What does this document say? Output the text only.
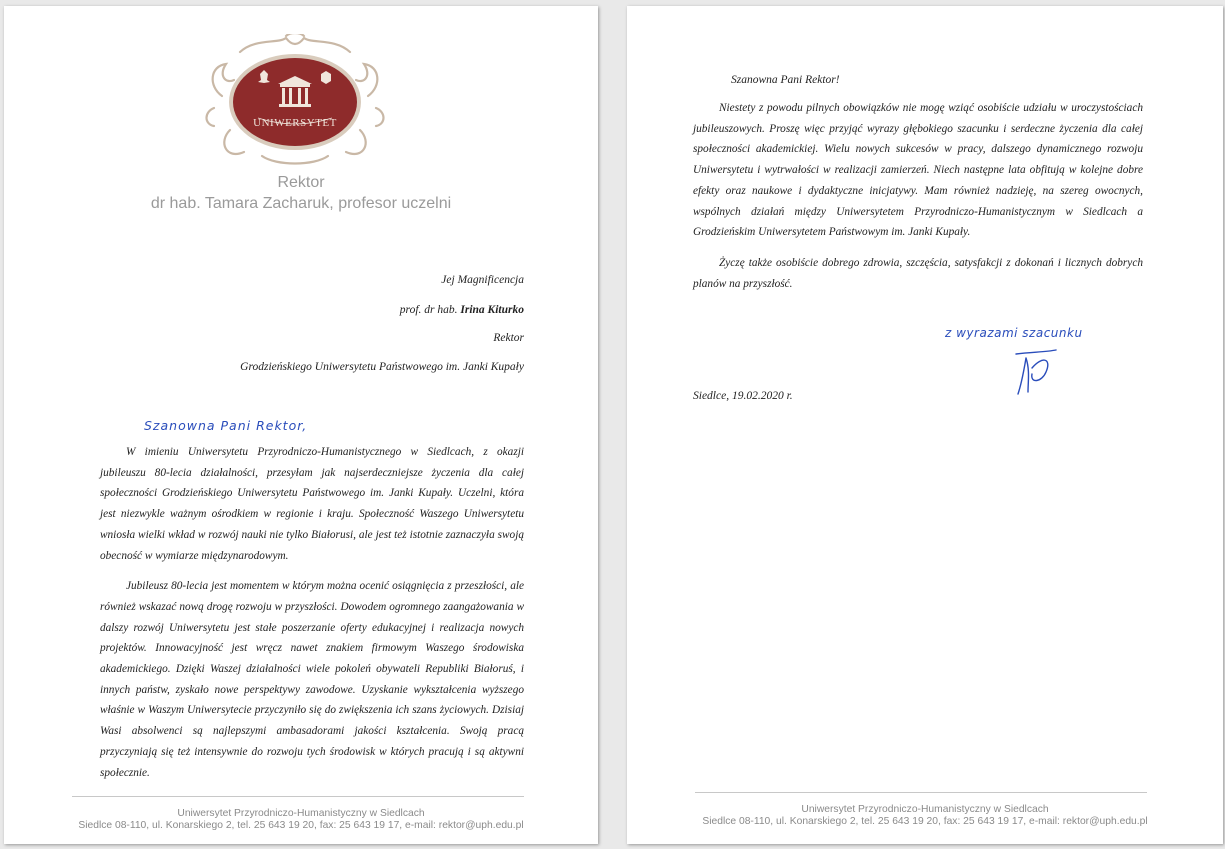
UNIWERSYTET
Rektor
dr hab. Tamara Zacharuk, profesor uczelni
Jej Magnificencja
prof. dr hab. Irina Kiturko
Rektor
Grodzieńskiego Uniwersytetu Państwowego im. Janki Kupały
Szanowna Pani Rektor,

W imieniu Uniwersytetu Przyrodniczo-Humanistycznego w Siedlcach, z okazji jubileuszu 80-lecia działalności, przesyłam jak najserdeczniejsze życzenia dla całej społeczności Grodzieńskiego Uniwersytetu Państwowego im. Janki Kupały. Uczelni, która jest niezwykle ważnym ośrodkiem w regionie i kraju. Społeczność Waszego Uniwersytetu wniosła wielki wkład w rozwój nauki nie tylko Białorusi, ale jest też istotnie zaznaczyła swoją obecność w wymiarze międzynarodowym.

Jubileusz 80-lecia jest momentem w którym można ocenić osiągnięcia z przeszłości, ale również wskazać nową drogę rozwoju w przyszłości. Dowodem ogromnego zaangażowania w dalszy rozwój Uniwersytetu jest stałe poszerzanie oferty edukacyjnej i realizacja nowych projektów. Innowacyjność jest wręcz nawet znakiem firmowym Waszego środowiska akademickiego. Dzięki Waszej działalności wiele pokoleń obywateli Republiki Białoruś, i innych państw, zyskało nowe perspektywy zawodowe. Uzyskanie wykształcenia wyższego właśnie w Waszym Uniwersytecie przyczyniło się do zwiększenia ich szans życiowych. Dzisiaj Wasi absolwenci są najlepszymi ambasadorami jakości kształcenia. Swoją pracą przyczyniają się też intensywnie do rozwoju tych środowisk w których pracują i są aktywni społecznie.

Uniwersytet Przyrodniczo-Humanistyczny w Siedlcach
Siedlce 08-110, ul. Konarskiego 2, tel. 25 643 19 20, fax: 25 643 19 17, e-mail: rektor@uph.edu.pl
Szanowna Pani Rektor!

Niestety z powodu pilnych obowiązków nie mogę wziąć osobiście udziału w uroczystościach jubileuszowych. Proszę więc przyjąć wyrazy głębokiego szacunku i serdeczne życzenia dla całej społeczności akademickiej. Wielu nowych sukcesów w pracy, dalszego dynamicznego rozwoju Uniwersytetu i wytrwałości w realizacji zamierzeń. Niech następne lata obfitują w kolejne dobre efekty oraz naukowe i dydaktyczne inicjatywy. Mam również nadzieję, na szereg owocnych, wspólnych działań między Uniwersytetem Przyrodniczo-Humanistycznym w Siedlcach a Grodzieńskim Uniwersytetem Państwowym im. Janki Kupały.

Życzę także osobiście dobrego zdrowia, szczęścia, satysfakcji z dokonań i licznych dobrych planów na przyszłość.

z wyrazami szacunku
Siedlce, 19.02.2020 r.
Uniwersytet Przyrodniczo-Humanistyczny w Siedlcach
Siedlce 08-110, ul. Konarskiego 2, tel. 25 643 19 20, fax: 25 643 19 17, e-mail: rektor@uph.edu.pl
